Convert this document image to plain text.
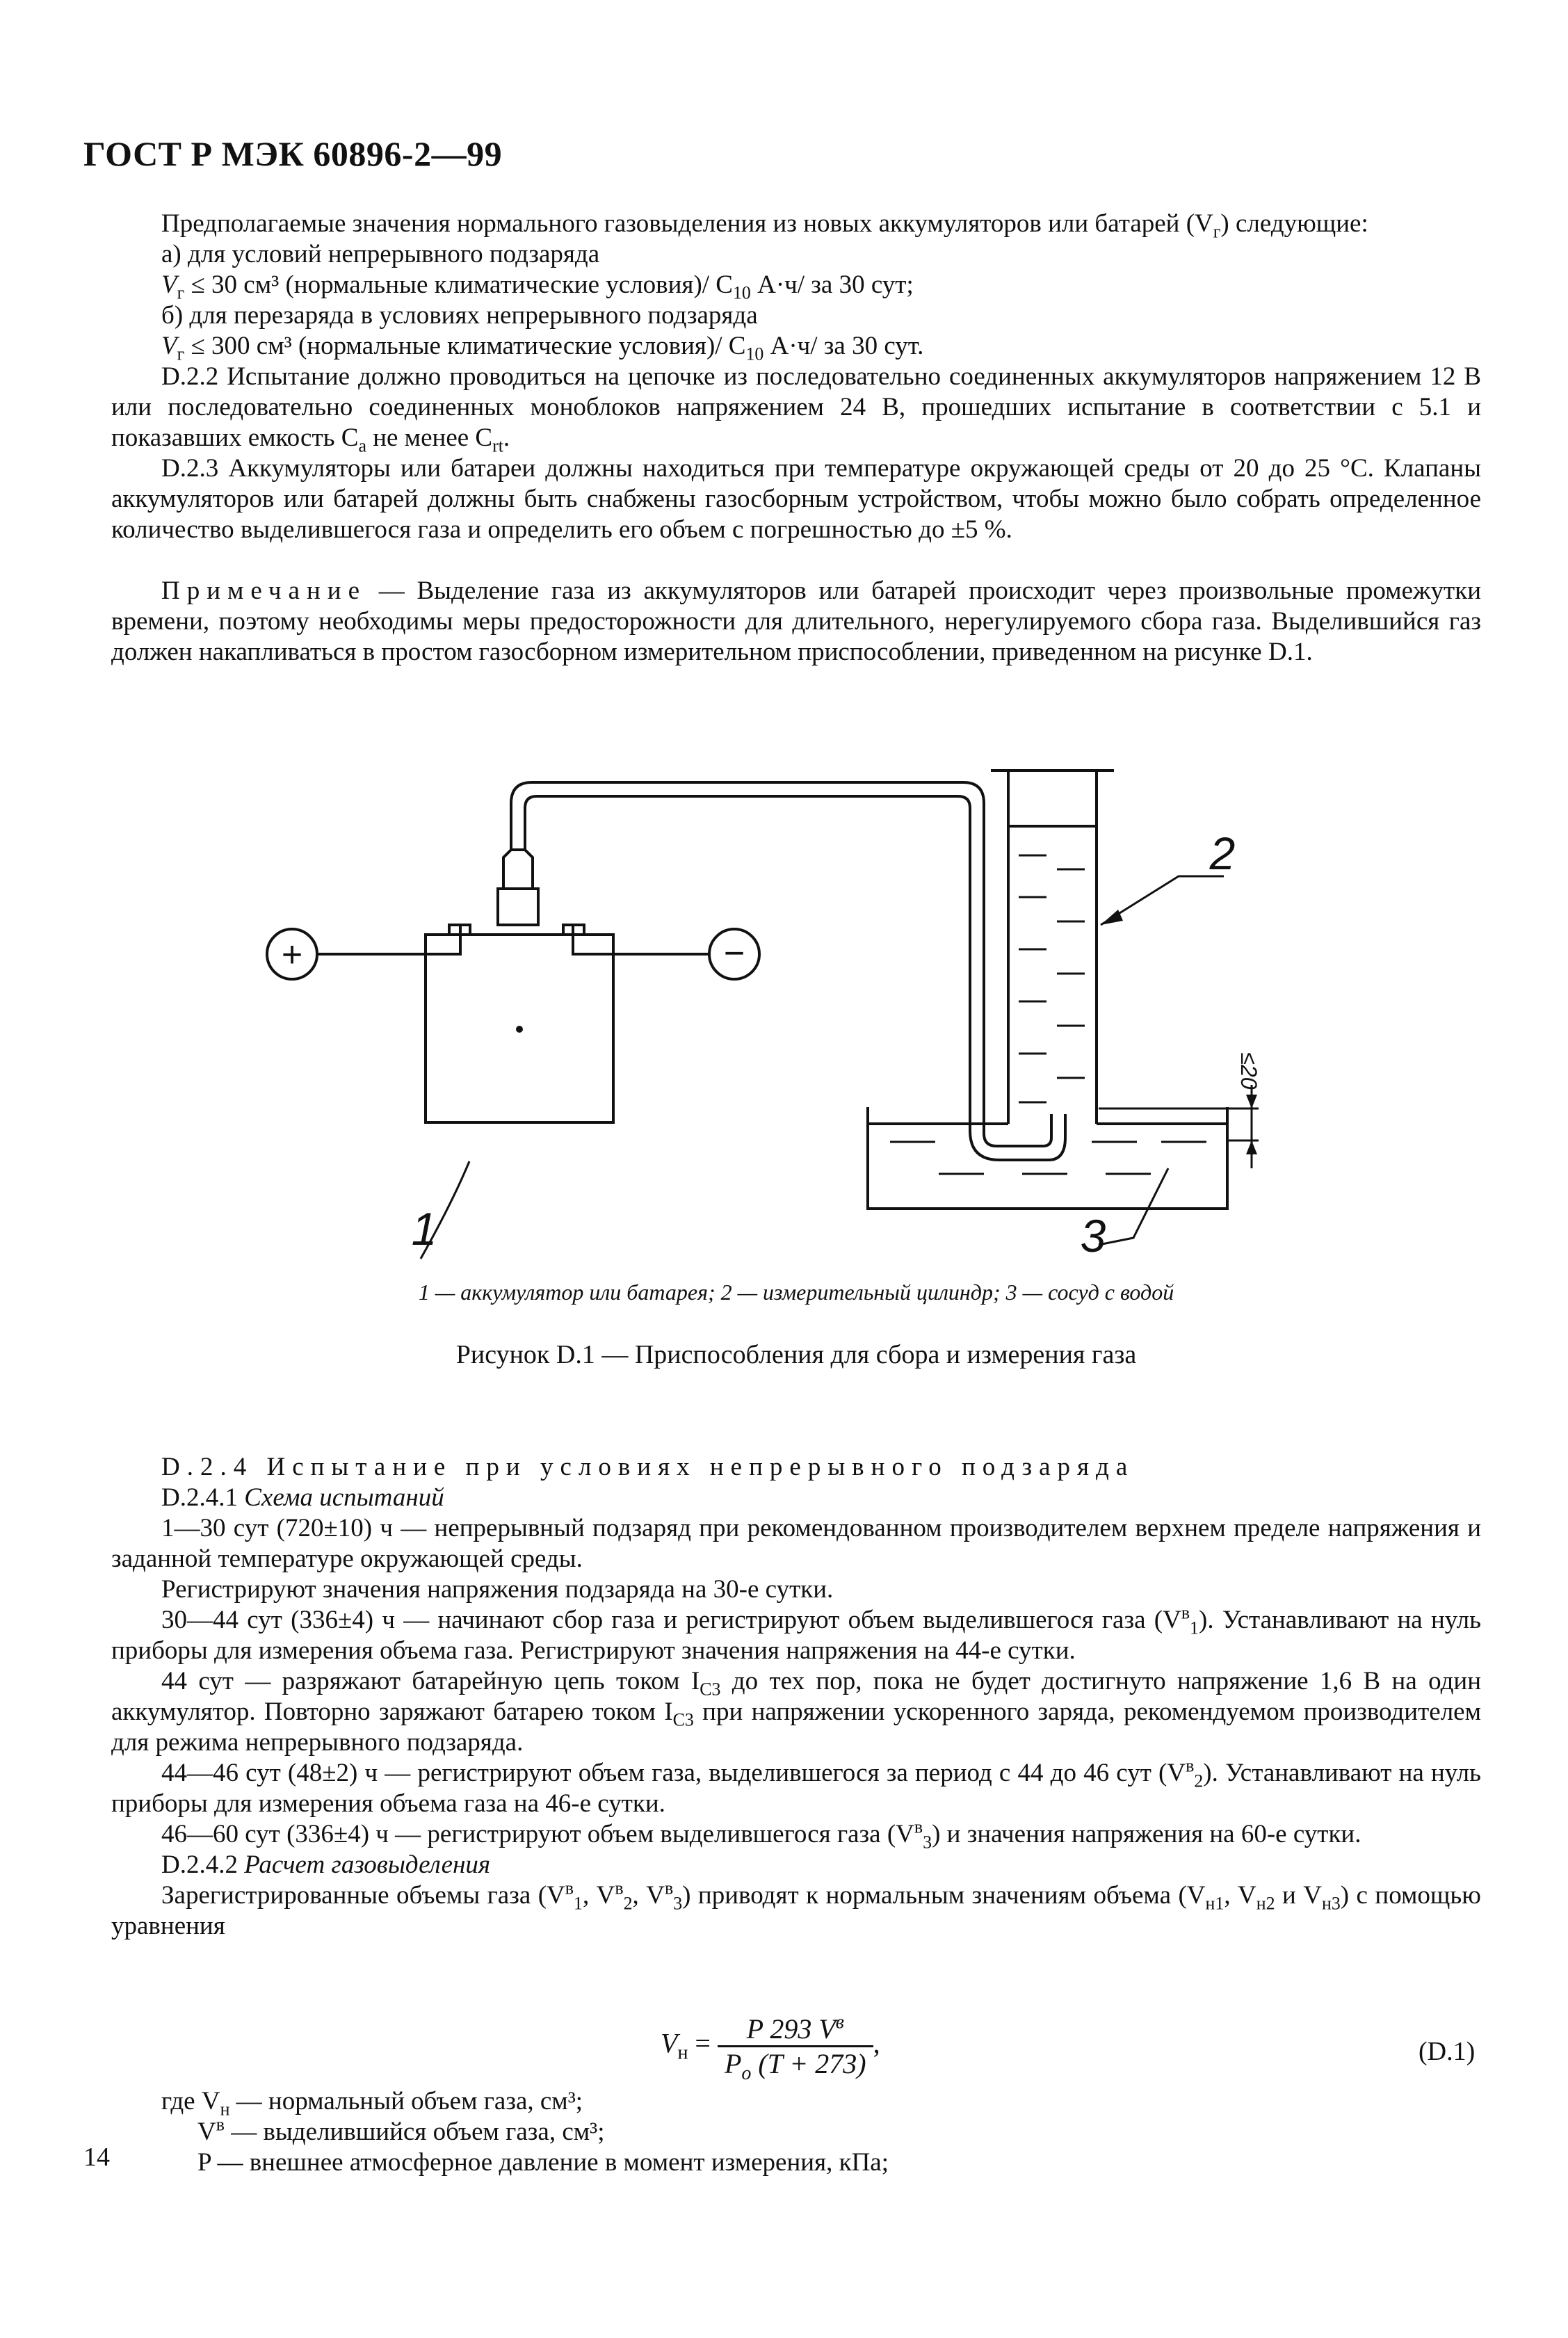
ГОСТ Р МЭК 60896-2—99
Предполагаемые значения нормального газовыделения из новых аккумуляторов или батарей $(V_г)$ следующие:
а) для условий непрерывного подзаряда
$V_г \le 30$ см³ (нормальные климатические условия)/ $C_{10}$ А·ч/ за 30 сут;
б) для перезаряда в условиях непрерывного подзаряда
$V_г \le 300$ см³ (нормальные климатические условия)/ $C_{10}$ А·ч/ за 30 сут.
D.2.2 Испытание должно проводиться на цепочке из последовательно соединенных аккумуляторов напряжением 12 В или последовательно соединенных моноблоков напряжением 24 В, прошедших испытание в соответствии с 5.1 и показавших емкость $C_а$ не менее $C_{rt}$.
D.2.3 Аккумуляторы или батареи должны находиться при температуре окружающей среды от 20 до 25 °С. Клапаны аккумуляторов или батарей должны быть снабжены газосборным устройством, чтобы можно было собрать определенное количество выделившегося газа и определить его объем с погрешностью до ±5 %.
Примечание — Выделение газа из аккумуляторов или батарей происходит через произвольные промежутки времени, поэтому необходимы меры предосторожности для длительного, нерегулируемого сбора газа. Выделившийся газ должен накапливаться в простом газосборном измерительном приспособлении, приведенном на рисунке D.1.
+	−
1
2
3
≤20
1 — аккумулятор или батарея; 2 — измерительный цилиндр; 3 — сосуд с водой
Рисунок D.1 — Приспособления для сбора и измерения газа
D.2.4 Испытание при условиях непрерывного подзаряда
D.2.4.1 Схема испытаний
1—30 сут (720±10) ч — непрерывный подзаряд при рекомендованном производителем верхнем пределе напряжения и заданной температуре окружающей среды.
Регистрируют значения напряжения подзаряда на 30-е сутки.
30—44 сут (336±4) ч — начинают сбор газа и регистрируют объем выделившегося газа $(V^в_1)$. Устанавливают на нуль приборы для измерения объема газа. Регистрируют значения напряжения на 44-е сутки.
44 сут — разряжают батарейную цепь током $I_{C3}$ до тех пор, пока не будет достигнуто напряжение 1,6 В на один аккумулятор. Повторно заряжают батарею током $I_{C3}$ при напряжении ускоренного заряда, рекомендуемом производителем для режима непрерывного подзаряда.
44—46 сут (48±2) ч — регистрируют объем газа, выделившегося за период с 44 до 46 сут $(V^в_2)$. Устанавливают на нуль приборы для измерения объема газа на 46-е сутки.
46—60 сут (336±4) ч — регистрируют объем выделившегося газа $(V^в_3)$ и значения напряжения на 60-е сутки.
D.2.4.2 Расчет газовыделения
Зарегистрированные объемы газа ($V^в_1$, $V^в_2$, $V^в_3$) приводят к нормальным значениям объема ($V_{н1}$, $V_{н2}$ и $V_{н3}$) с помощью уравнения
$V_н = \frac{P 293 V^в}{P_o (T + 273)}$ ,	(D.1)
где $V_н$ — нормальный объем газа, см³;
$V^в$ — выделившийся объем газа, см³;
P — внешнее атмосферное давление в момент измерения, кПа;
14
